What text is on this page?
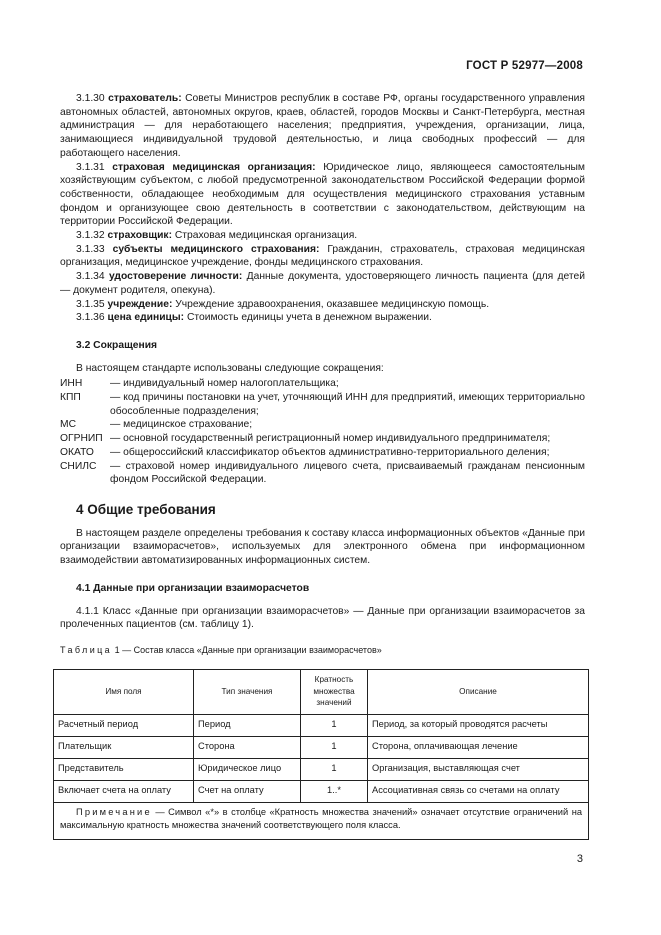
ГОСТ Р 52977—2008

3.1.30 страхователь: Советы Министров республик в составе РФ, органы государственного управления автономных областей, автономных округов, краев, областей, городов Москвы и Санкт-Петербурга, местная администрация — для неработающего населения; предприятия, учреждения, организации, лица, занимающиеся индивидуальной трудовой деятельностью, и лица свободных профессий — для работающего населения.

3.1.31 страховая медицинская организация: Юридическое лицо, являющееся самостоятельным хозяйствующим субъектом, с любой предусмотренной законодательством Российской Федерации формой собственности, обладающее необходимым для осуществления медицинского страхования уставным фондом и организующее свою деятельность в соответствии с законодательством, действующим на территории Российской Федерации.

3.1.32 страховщик: Страховая медицинская организация.

3.1.33 субъекты медицинского страхования: Гражданин, страхователь, страховая медицинская организация, медицинское учреждение, фонды медицинского страхования.

3.1.34 удостоверение личности: Данные документа, удостоверяющего личность пациента (для детей — документ родителя, опекуна).

3.1.35 учреждение: Учреждение здравоохранения, оказавшее медицинскую помощь.

3.1.36 цена единицы: Стоимость единицы учета в денежном выражении.

3.2 Сокращения

В настоящем стандарте использованы следующие сокращения:

ИНН	— индивидуальный номер налогоплательщика;
КПП	— код причины постановки на учет, уточняющий ИНН для предприятий, имеющих территориально обособленные подразделения;
МС	— медицинское страхование;
ОГРНИП — основной государственный регистрационный номер индивидуального предпринимателя;
ОКАТО	— общероссийский классификатор объектов административно-территориального деления;
СНИЛС	— страховой номер индивидуального лицевого счета, присваиваемый гражданам пенсионным фондом Российской Федерации.
4 Общие требования

В настоящем разделе определены требования к составу класса информационных объектов «Данные при организации взаиморасчетов», используемых для электронного обмена при информационном взаимодействии автоматизированных информационных систем.

4.1 Данные при организации взаиморасчетов

4.1.1 Класс «Данные при организации взаиморасчетов» — Данные при организации взаиморасчетов за пролеченных пациентов (см. таблицу 1).

Таблица 1 — Состав класса «Данные при организации взаиморасчетов»
Имя поля	Тип значения	Кратность множества значений	Описание
Расчетный период	Период	1	Период, за который проводятся расчеты
Плательщик	Сторона	1	Сторона, оплачивающая лечение
Представитель	Юридическое лицо	1	Организация, выставляющая счет
Включает счета на оплату	Счет на оплату	1..*	Ассоциативная связь со счетами на оплату
Примечание — Символ «*» в столбце «Кратность множества значений» означает отсутствие ограничений на максимальную кратность множества значений соответствующего поля класса.			
3
